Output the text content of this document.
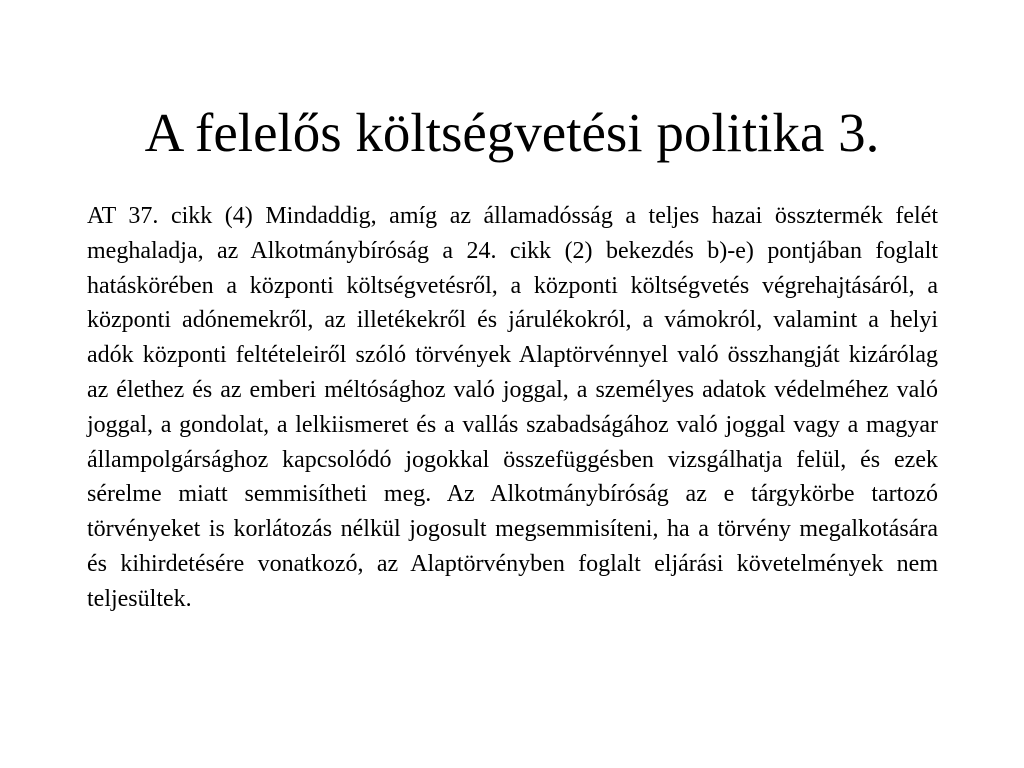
A felelős költségvetési politika 3.

AT 37. cikk (4) Mindaddig, amíg az államadósság a teljes hazai össztermék felét meghaladja, az Alkotmánybíróság a 24. cikk (2) bekezdés b)-e) pontjában foglalt hatáskörében a központi költségvetésről, a központi költségvetés végrehajtásáról, a központi adónemekről, az illetékekről és járulékokról, a vámokról, valamint a helyi adók központi feltételeiről szóló törvények Alaptörvénnyel való összhangját kizárólag az élethez és az emberi méltósághoz való joggal, a személyes adatok védelméhez való joggal, a gondolat, a lelkiismeret és a vallás szabadságához való joggal vagy a magyar állampolgársághoz kapcsolódó jogokkal összefüggésben vizsgálhatja felül, és ezek sérelme miatt semmisítheti meg. Az Alkotmánybíróság az e tárgykörbe tartozó törvényeket is korlátozás nélkül jogosult megsemmisíteni, ha a törvény megalkotására és kihirdetésére vonatkozó, az Alaptörvényben foglalt eljárási követelmények nem teljesültek.
